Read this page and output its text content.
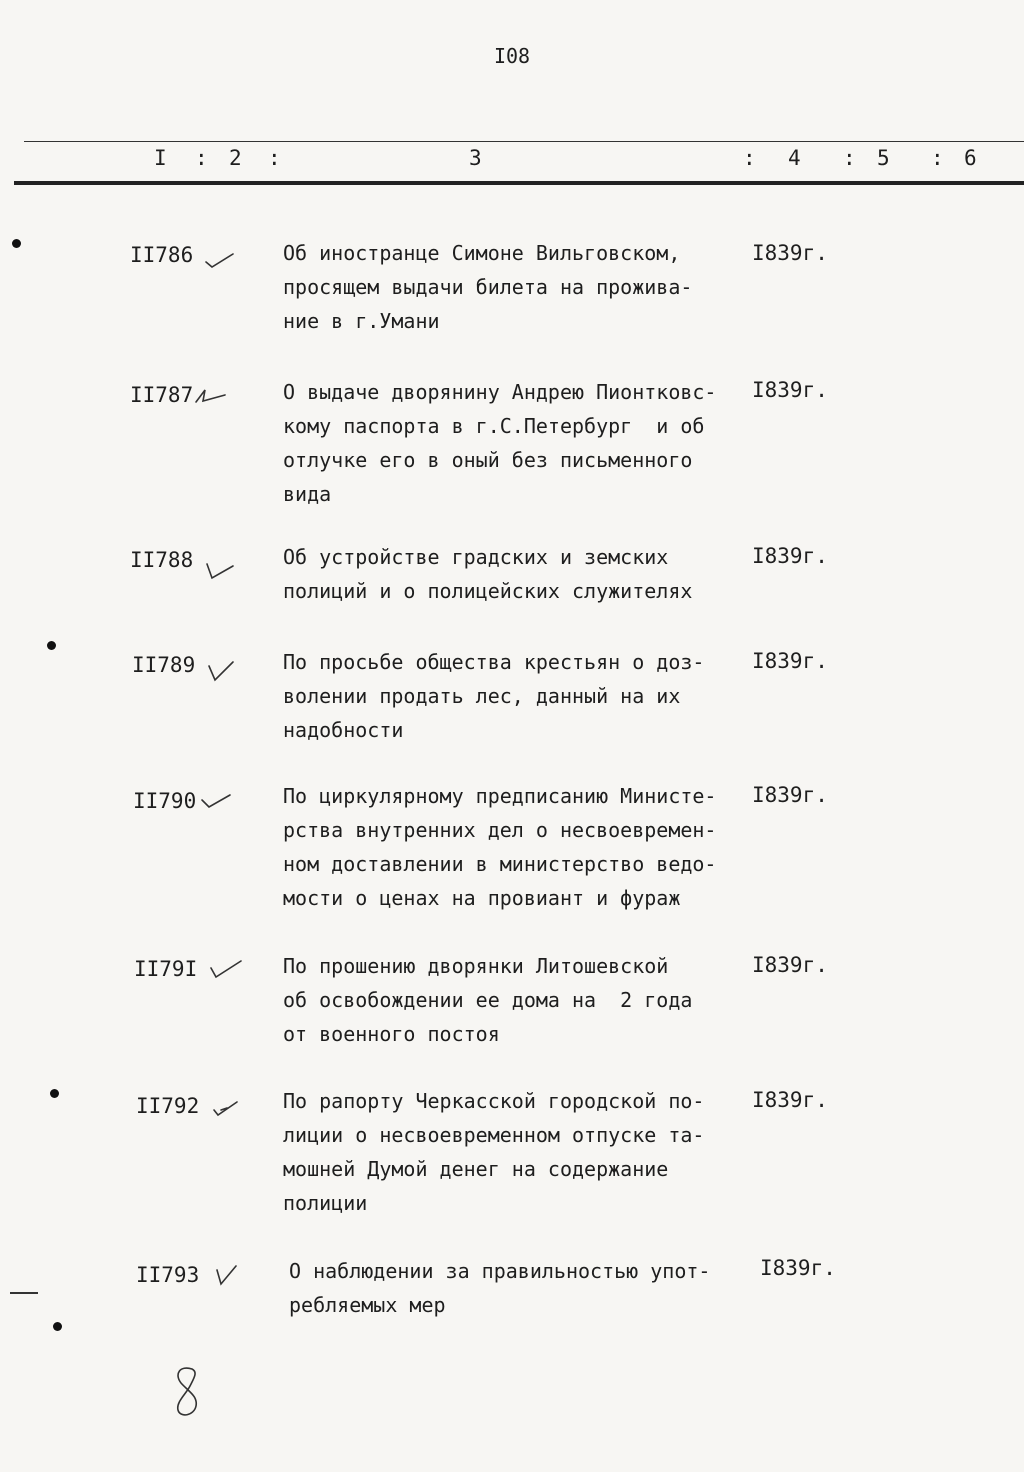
I08
I : 2 :	3	: 4 : 5 : 6
II786	Об иностранце Симоне Вильговском,
просящем выдачи билета на прожива-
ние в г.Умани
I839г.
II787	О выдаче дворянину Андрею Пионтковс-
кому паспорта в г.С.Петербург  и об
отлучке его в оный без письменного
вида
I839г.
II788	Об устройстве градских и земских
полиций и о полицейских служителях
I839г.
II789	По просьбе общества крестьян о доз-
волении продать лес, данный на их
надобности
I839г.
II790	По циркулярному предписанию Министе-
рства внутренних дел о несвоевремен-
ном доставлении в министерство ведо-
мости о ценах на провиант и фураж
I839г.
II79I	По прошению дворянки Литошевской
об освобождении ее дома на  2 года
от военного постоя
I839г.
II792	По рапорту Черкасской городской по-
лиции о несвоевременном отпуске та-
мошней Думой денег на содержание
полиции
I839г.
II793	О наблюдении за правильностью упот-
ребляемых мер
I839г.
